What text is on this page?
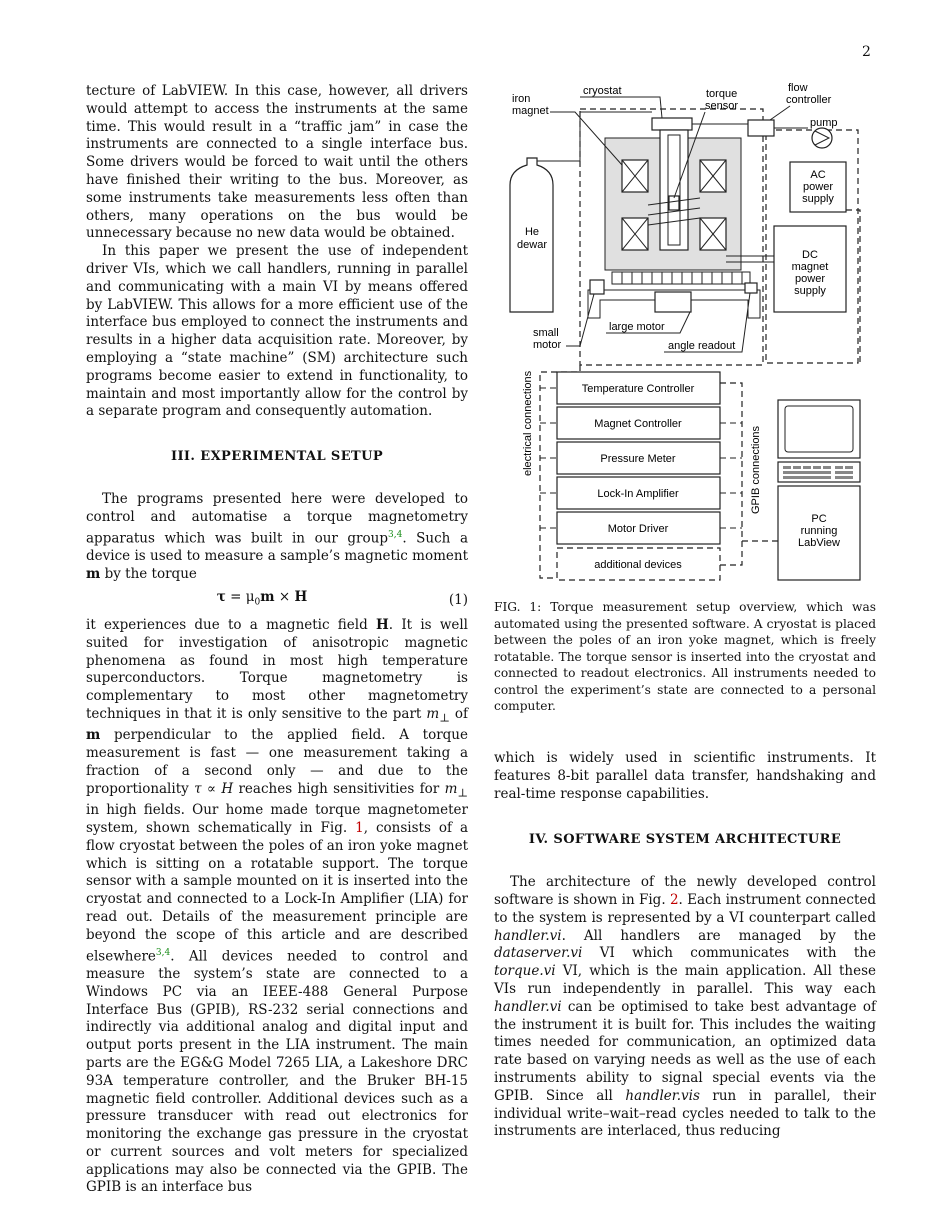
2

tecture of LabVIEW. In this case, however, all drivers would attempt to access the instruments at the same time. This would result in a “traffic jam” in case the instruments are connected to a single interface bus. Some drivers would be forced to wait until the others have finished their writing to the bus. Moreover, as some instruments take measurements less often than others, many operations on the bus would be unnecessary because no new data would be obtained.

In this paper we present the use of independent driver VIs, which we call handlers, running in parallel and communicating with a main VI by means offered by LabVIEW. This allows for a more efficient use of the interface bus employed to connect the instruments and results in a higher data acquisition rate. Moreover, by employing a “state machine” (SM) architecture such programs become easier to extend in functionality, to maintain and most importantly allow for the control by a separate program and consequently automation.

III. EXPERIMENTAL SETUP

The programs presented here were developed to control and automatise a torque magnetometry apparatus which was built in our group$^{3,4}$. Such a device is used to measure a sample’s magnetic moment m by the torque

$\tau = \mu_0m \times H$	(1)

it experiences due to a magnetic field H. It is well suited for investigation of anisotropic magnetic phenomena as found in most high temperature superconductors. Torque magnetometry is complementary to most other magnetometry techniques in that it is only sensitive to the part $m_\perp$ of m perpendicular to the applied field. A torque measurement is fast — one measurement taking a fraction of a second only — and due to the proportionality τ ∝ H reaches high sensitivities for $m_\perp$ in high fields. Our home made torque magnetometer system, shown schematically in Fig. 1, consists of a flow cryostat between the poles of an iron yoke magnet which is sitting on a rotatable support. The torque sensor with a sample mounted on it is inserted into the cryostat and connected to a Lock-In Amplifier (LIA) for read out. Details of the measurement principle are beyond the scope of this article and are described elsewhere$^{3,4}$. All devices needed to control and measure the system’s state are connected to a Windows PC via an IEEE-488 General Purpose Interface Bus (GPIB), RS-232 serial connections and indirectly via additional analog and digital input and output ports present in the LIA instrument. The main parts are the EG&G Model 7265 LIA, a Lakeshore DRC 93A temperature controller, and the Bruker BH-15 magnetic field controller. Additional devices such as a pressure transducer with read out electronics for monitoring the exchange gas pressure in the cryostat or current sources and volt meters for specialized applications may also be connected via the GPIB. The GPIB is an interface bus

He
dewar
AC
power
supply
DC
magnet
power
supply
iron
magnet
cryostat	torque
sensor
flow
controller
pump
small
motor
large motor
angle readout
electrical connections	GPIB connections
Temperature Controller
Magnet Controller
Pressure Meter
Lock-In Amplifier
Motor Driver
additional devices
PC
running
LabView
FIG. 1: Torque measurement setup overview, which was automated using the presented software. A cryostat is placed between the poles of an iron yoke magnet, which is freely rotatable. The torque sensor is inserted into the cryostat and connected to readout electronics. All instruments needed to control the experiment’s state are connected to a personal computer.

which is widely used in scientific instruments. It features 8-bit parallel data transfer, handshaking and real-time response capabilities.

IV. SOFTWARE SYSTEM ARCHITECTURE

The architecture of the newly developed control software is shown in Fig. 2. Each instrument connected to the system is represented by a VI counterpart called handler.vi. All handlers are managed by the dataserver.vi VI which communicates with the torque.vi VI, which is the main application. All these VIs run independently in parallel. This way each handler.vi can be optimised to take best advantage of the instrument it is built for. This includes the waiting times needed for communication, an optimized data rate based on varying needs as well as the use of each instruments ability to signal special events via the GPIB. Since all handler.vis run in parallel, their individual write–wait–read cycles needed to talk to the instruments are interlaced, thus reducing
